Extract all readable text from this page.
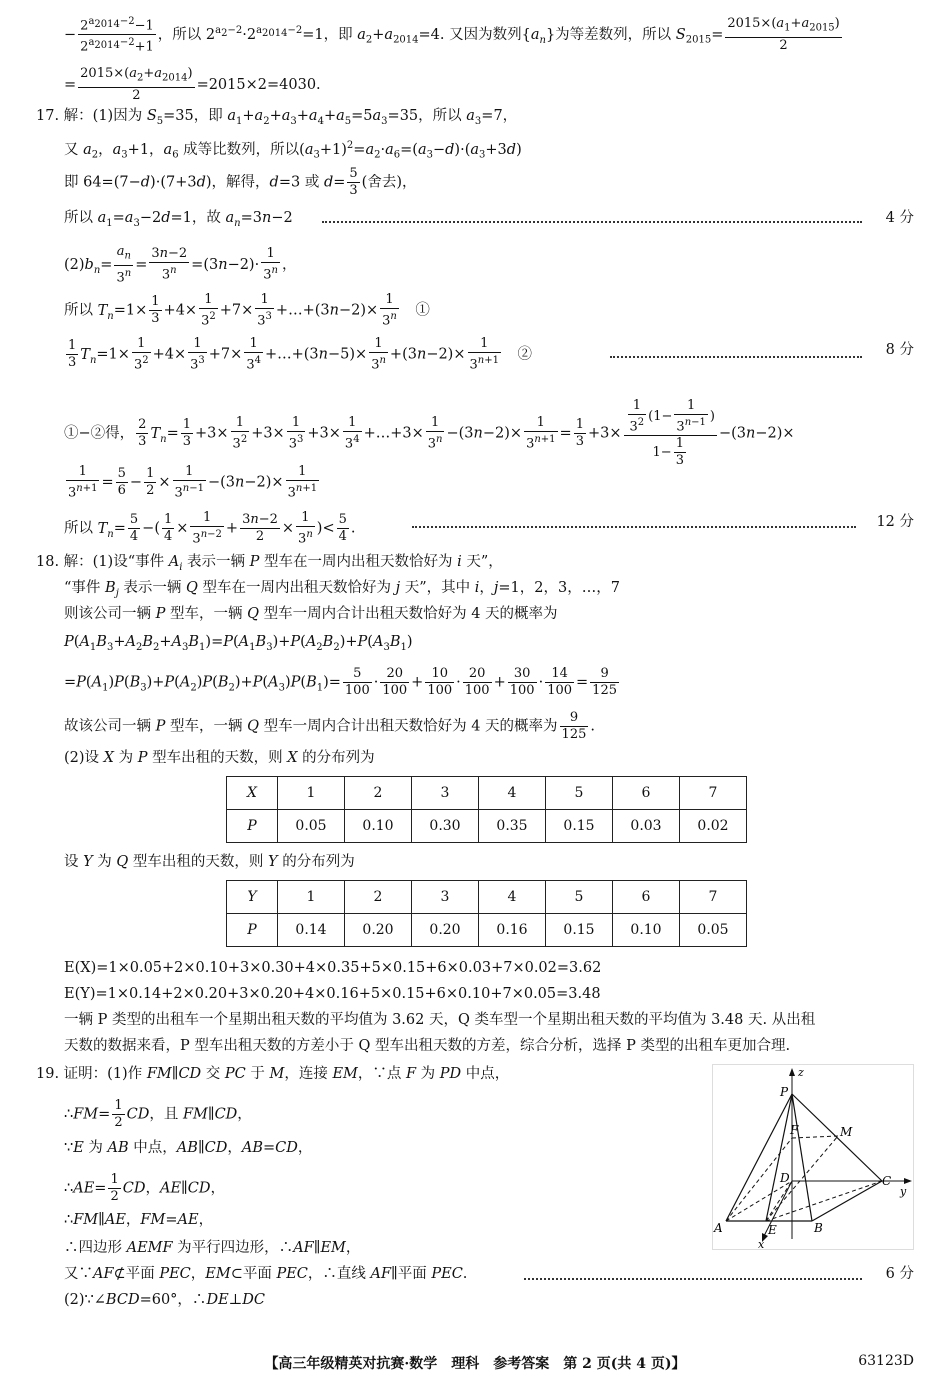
− $\frac{2^{a_{2014}-2}-1}{2^{a_{2014}-2}+1}$ ，所以 $2^{a_2-2}\cdot 2^{a_{2014}-2}=1$，即 $a_2+a_{2014}=4$. 又因为数列$\{a_n\}$为等差数列，所以 $S_{2015}= \frac{2015\times(a_1+a_{2015})}{2}$
= $\frac{2015\times(a_2+a_{2014})}{2} =2015\times 2=4030$.
17. 解：(1)因为 $S_5=35$，即 $a_1+a_2+a_3+a_4+a_5=5a_3=35$，所以 $a_3=7$，
又 $a_2$，$a_3+1$，$a_6$ 成等比数列，所以$(a_3+1)^2=a_2\cdot a_6=(a_3-d)\cdot(a_3+3d)$
即 64=(7−d)·(7+3d)，解得，d=3 或 $d= \frac{5}{3}$ (舍去)，
所以 $a_1=a_3-2d=1$，故 $a_n=3n-2$	4 分
$(2)b_n= \frac{a_n}{3^n} = \frac{3n-2}{3^n} =(3n-2)\cdot \frac{1}{3^n}$ ，
所以 $T_n=1\times \frac{1}{3} +4\times \frac{1}{3^2} +7\times \frac{1}{3^3}$ +…+(3n−2)× $\frac{1}{3^n}$ 　①
$\frac{1}{3} T_n=1\times \frac{1}{3^2} +4\times \frac{1}{3^3} +7\times \frac{1}{3^4}$ +…+(3n−5)× $\frac{1}{3^n} +(3n-2)\times \frac{1}{3^{n+1}}$ 　②	8 分
①−②得， $\frac{2}{3} T_n= \frac{1}{3} +3\times \frac{1}{3^2} +3\times \frac{1}{3^3} +3\times \frac{1}{3^4}$ +…+3× $\frac{1}{3^n} -(3n-2)\times \frac{1}{3^{n+1}} = \frac{1}{3} +3\times \frac{\frac{1}{3^2} (1- \frac{1}{3^{n-1}} )}{1- \frac{1}{3}} -(3n-2)\times$
$\frac{1}{3^{n+1}} = \frac{5}{6} - \frac{1}{2} \times \frac{1}{3^{n-1}} -(3n-2)\times \frac{1}{3^{n+1}}$
所以 $T_n= \frac{5}{4}$ −( $\frac{1}{4} \times \frac{1}{3^{n-2}} + \frac{3n-2}{2} \times \frac{1}{3^n}$ )< $\frac{5}{4}$ .	12 分
18. 解：(1)设“事件 $A_i$ 表示一辆 P 型车在一周内出租天数恰好为 i 天”，
“事件 $B_j$ 表示一辆 Q 型车在一周内出租天数恰好为 j 天”，其中 i，j=1，2，3，…，7
则该公司一辆 P 型车，一辆 Q 型车一周内合计出租天数恰好为 4 天的概率为
$P(A_1B_3+A_2B_2+A_3B_1)=P(A_1B_3)+P(A_2B_2)+P(A_3B_1)$
$=P(A_1)P(B_3)+P(A_2)P(B_2)+P(A_3)P(B_1)= \frac{5}{100} \cdot \frac{20}{100} + \frac{10}{100} \cdot \frac{20}{100} + \frac{30}{100} \cdot \frac{14}{100} = \frac{9}{125}$
故该公司一辆 P 型车，一辆 Q 型车一周内合计出租天数恰好为 4 天的概率为 $\frac{9}{125}$ .
(2)设 X 为 P 型车出租的天数，则 X 的分布列为
X	1	2	3	4	5	6	7
P	0.05	0.10	0.30	0.35	0.15	0.03	0.02
设 Y 为 Q 型车出租的天数，则 Y 的分布列为
Y	1	2	3	4	5	6	7
P	0.14	0.20	0.20	0.16	0.15	0.10	0.05
E(X)=1×0.05+2×0.10+3×0.30+4×0.35+5×0.15+6×0.03+7×0.02=3.62
E(Y)=1×0.14+2×0.20+3×0.20+4×0.16+5×0.15+6×0.10+7×0.05=3.48
一辆 P 类型的出租车一个星期出租天数的平均值为 3.62 天，Q 类车型一个星期出租天数的平均值为 3.48 天. 从出租
天数的数据来看，P 型车出租天数的方差小于 Q 型车出租天数的方差，综合分析，选择 P 类型的出租车更加合理.
19. 证明：(1)作 FM∥CD 交 PC 于 M，连接 EM，∵点 F 为 PD 中点，
∴FM= $\frac{1}{2}$ CD，且 FM∥CD，
∵E 为 AB 中点，AB∥CD，AB=CD，
∴AE= $\frac{1}{2}$ CD，AE∥CD，
∴FM∥AE，FM=AE，
∴四边形 AEMF 为平行四边形，∴AF∥EM，
又∵AF⊄平面 PEC，EM⊂平面 PEC，∴直线 AF∥平面 PEC.	6 分
(2)∵∠BCD=60°，∴DE⊥DC
P
z
F	M
D	C
y
A	E	B
x
【高三年级精英对抗赛·数学　理科　参考答案　第 2 页(共 4 页)】	63123D
